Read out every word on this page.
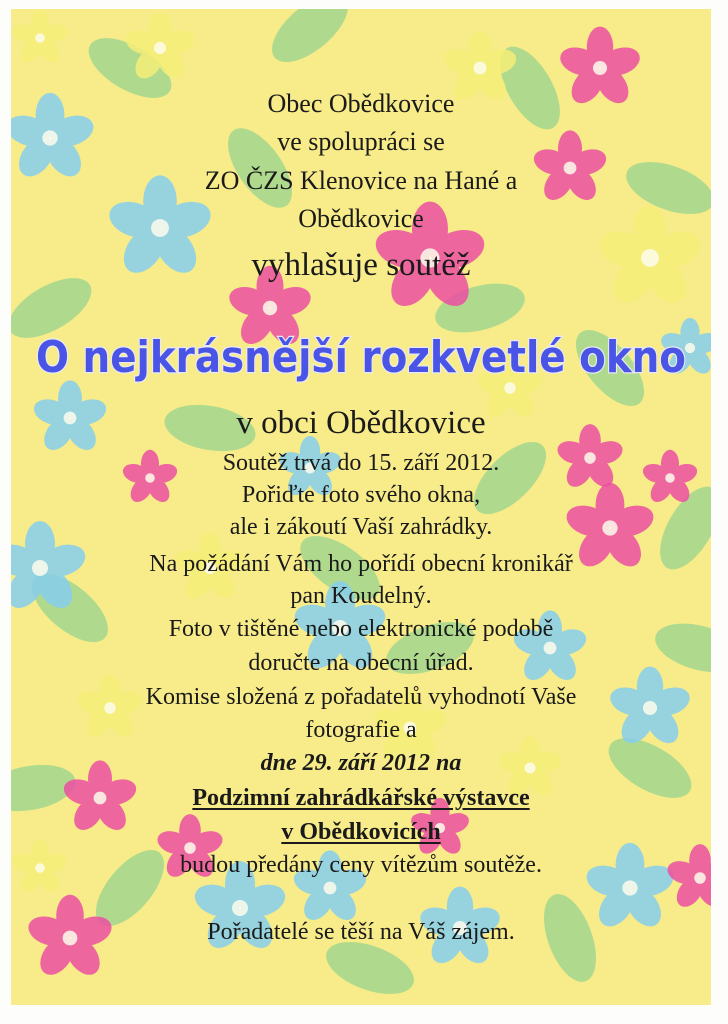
Obec Obědkovice
ve spolupráci se
ZO ČZS Klenovice na Hané a
Obědkovice
vyhlašuje soutěž
O nejkrásnější rozkvetlé okno
v obci Obědkovice
Soutěž trvá do 15. září 2012.
Pořiďte foto svého okna,
ale i zákoutí Vaší zahrádky.
Na požádání Vám ho pořídí obecní kronikář
pan Koudelný.
Foto v tištěné nebo elektronické podobě
doručte na obecní úřad.
Komise složená z pořadatelů vyhodnotí Vaše
fotografie a
dne 29. září 2012 na
Podzimní zahrádkářské výstavce
v Obědkovicích
budou předány ceny vítězům soutěže.
Pořadatelé se těší na Váš zájem.
